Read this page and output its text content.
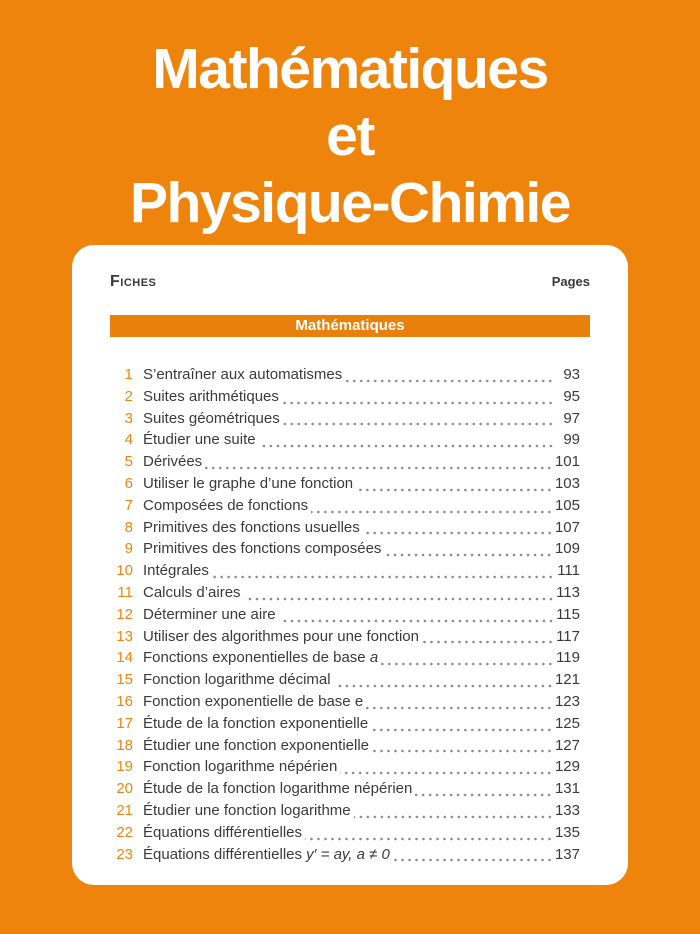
Mathématiques
et
Physique-Chimie
Fiches	Pages
Mathématiques
1 S’entraîner aux automatismes	93
2 Suites arithmétiques	95
3 Suites géométriques	97
4 Étudier une suite	99
5 Dérivées	101
6 Utiliser le graphe d’une fonction	103
7 Composées de fonctions	105
8 Primitives des fonctions usuelles	107
9 Primitives des fonctions composées	109
10 Intégrales	111
11 Calculs d’aires	113
12 Déterminer une aire	115
13 Utiliser des algorithmes pour une fonction	117
14 Fonctions exponentielles de base a	119
15 Fonction logarithme décimal	121
16 Fonction exponentielle de base e	123
17 Étude de la fonction exponentielle	125
18 Étudier une fonction exponentielle	127
19 Fonction logarithme népérien	129
20 Étude de la fonction logarithme népérien	131
21 Étudier une fonction logarithme	133
22 Équations différentielles	135
23 Équations différentielles y′ = ay, a ≠ 0	137
